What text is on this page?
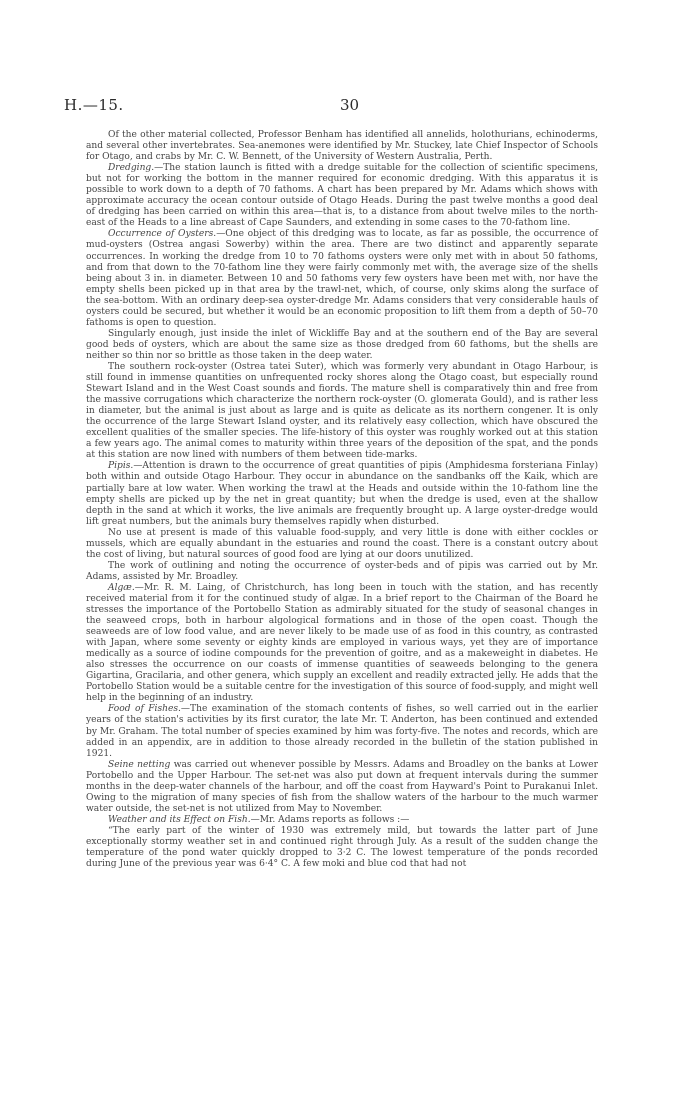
H.—15.	30

Of the other material collected, Professor Benham has identified all annelids, holothurians, echinoderms, and several other invertebrates. Sea-anemones were identified by Mr. Stuckey, late Chief Inspector of Schools for Otago, and crabs by Mr. C. W. Bennett, of the University of Western Australia, Perth.

Dredging.—The station launch is fitted with a dredge suitable for the collection of scientific specimens, but not for working the bottom in the manner required for economic dredging. With this apparatus it is possible to work down to a depth of 70 fathoms. A chart has been prepared by Mr. Adams which shows with approximate accuracy the ocean contour outside of Otago Heads. During the past twelve months a good deal of dredging has been carried on within this area—that is, to a distance from about twelve miles to the north-east of the Heads to a line abreast of Cape Saunders, and extending in some cases to the 70-fathom line.

Occurrence of Oysters.—One object of this dredging was to locate, as far as possible, the occurrence of mud-oysters (Ostrea angasi Sowerby) within the area. There are two distinct and apparently separate occurrences. In working the dredge from 10 to 70 fathoms oysters were only met with in about 50 fathoms, and from that down to the 70-fathom line they were fairly commonly met with, the average size of the shells being about 3 in. in diameter. Between 10 and 50 fathoms very few oysters have been met with, nor have the empty shells been picked up in that area by the trawl-net, which, of course, only skims along the surface of the sea-bottom. With an ordinary deep-sea oyster-dredge Mr. Adams considers that very considerable hauls of oysters could be secured, but whether it would be an economic proposition to lift them from a depth of 50–70 fathoms is open to question.

Singularly enough, just inside the inlet of Wickliffe Bay and at the southern end of the Bay are several good beds of oysters, which are about the same size as those dredged from 60 fathoms, but the shells are neither so thin nor so brittle as those taken in the deep water.

The southern rock-oyster (Ostrea tatei Suter), which was formerly very abundant in Otago Harbour, is still found in immense quantities on unfrequented rocky shores along the Otago coast, but especially round Stewart Island and in the West Coast sounds and fiords. The mature shell is comparatively thin and free from the massive corrugations which characterize the northern rock-oyster (O. glomerata Gould), and is rather less in diameter, but the animal is just about as large and is quite as delicate as its northern congener. It is only the occurrence of the large Stewart Island oyster, and its relatively easy collection, which have obscured the excellent qualities of the smaller species. The life-history of this oyster was roughly worked out at this station a few years ago. The animal comes to maturity within three years of the deposition of the spat, and the ponds at this station are now lined with numbers of them between tide-marks.

Pipis.—Attention is drawn to the occurrence of great quantities of pipis (Amphidesma forsteriana Finlay) both within and outside Otago Harbour. They occur in abundance on the sandbanks off the Kaik, which are partially bare at low water. When working the trawl at the Heads and outside within the 10-fathom line the empty shells are picked up by the net in great quantity; but when the dredge is used, even at the shallow depth in the sand at which it works, the live animals are frequently brought up. A large oyster-dredge would lift great numbers, but the animals bury themselves rapidly when disturbed.

No use at present is made of this valuable food-supply, and very little is done with either cockles or mussels, which are equally abundant in the estuaries and round the coast. There is a constant outcry about the cost of living, but natural sources of good food are lying at our doors unutilized.

The work of outlining and noting the occurrence of oyster-beds and of pipis was carried out by Mr. Adams, assisted by Mr. Broadley.

Algæ.—Mr. R. M. Laing, of Christchurch, has long been in touch with the station, and has recently received material from it for the continued study of algæ. In a brief report to the Chairman of the Board he stresses the importance of the Portobello Station as admirably situated for the study of seasonal changes in the seaweed crops, both in harbour algological formations and in those of the open coast. Though the seaweeds are of low food value, and are never likely to be made use of as food in this country, as contrasted with Japan, where some seventy or eighty kinds are employed in various ways, yet they are of importance medically as a source of iodine compounds for the prevention of goitre, and as a makeweight in diabetes. He also stresses the occurrence on our coasts of immense quantities of seaweeds belonging to the genera Gigartina, Gracilaria, and other genera, which supply an excellent and readily extracted jelly. He adds that the Portobello Station would be a suitable centre for the investigation of this source of food-supply, and might well help in the beginning of an industry.

Food of Fishes.—The examination of the stomach contents of fishes, so well carried out in the earlier years of the station's activities by its first curator, the late Mr. T. Anderton, has been continued and extended by Mr. Graham. The total number of species examined by him was forty-five. The notes and records, which are added in an appendix, are in addition to those already recorded in the bulletin of the station published in 1921.

Seine netting was carried out whenever possible by Messrs. Adams and Broadley on the banks at Lower Portobello and the Upper Harbour. The set-net was also put down at frequent intervals during the summer months in the deep-water channels of the harbour, and off the coast from Hayward's Point to Purakanui Inlet. Owing to the migration of many species of fish from the shallow waters of the harbour to the much warmer water outside, the set-net is not utilized from May to November.

Weather and its Effect on Fish.—Mr. Adams reports as follows :—

“The early part of the winter of 1930 was extremely mild, but towards the latter part of June exceptionally stormy weather set in and continued right through July. As a result of the sudden change the temperature of the pond water quickly dropped to 3·2 C. The lowest temperature of the ponds recorded during June of the previous year was 6·4° C. A few moki and blue cod that had not
